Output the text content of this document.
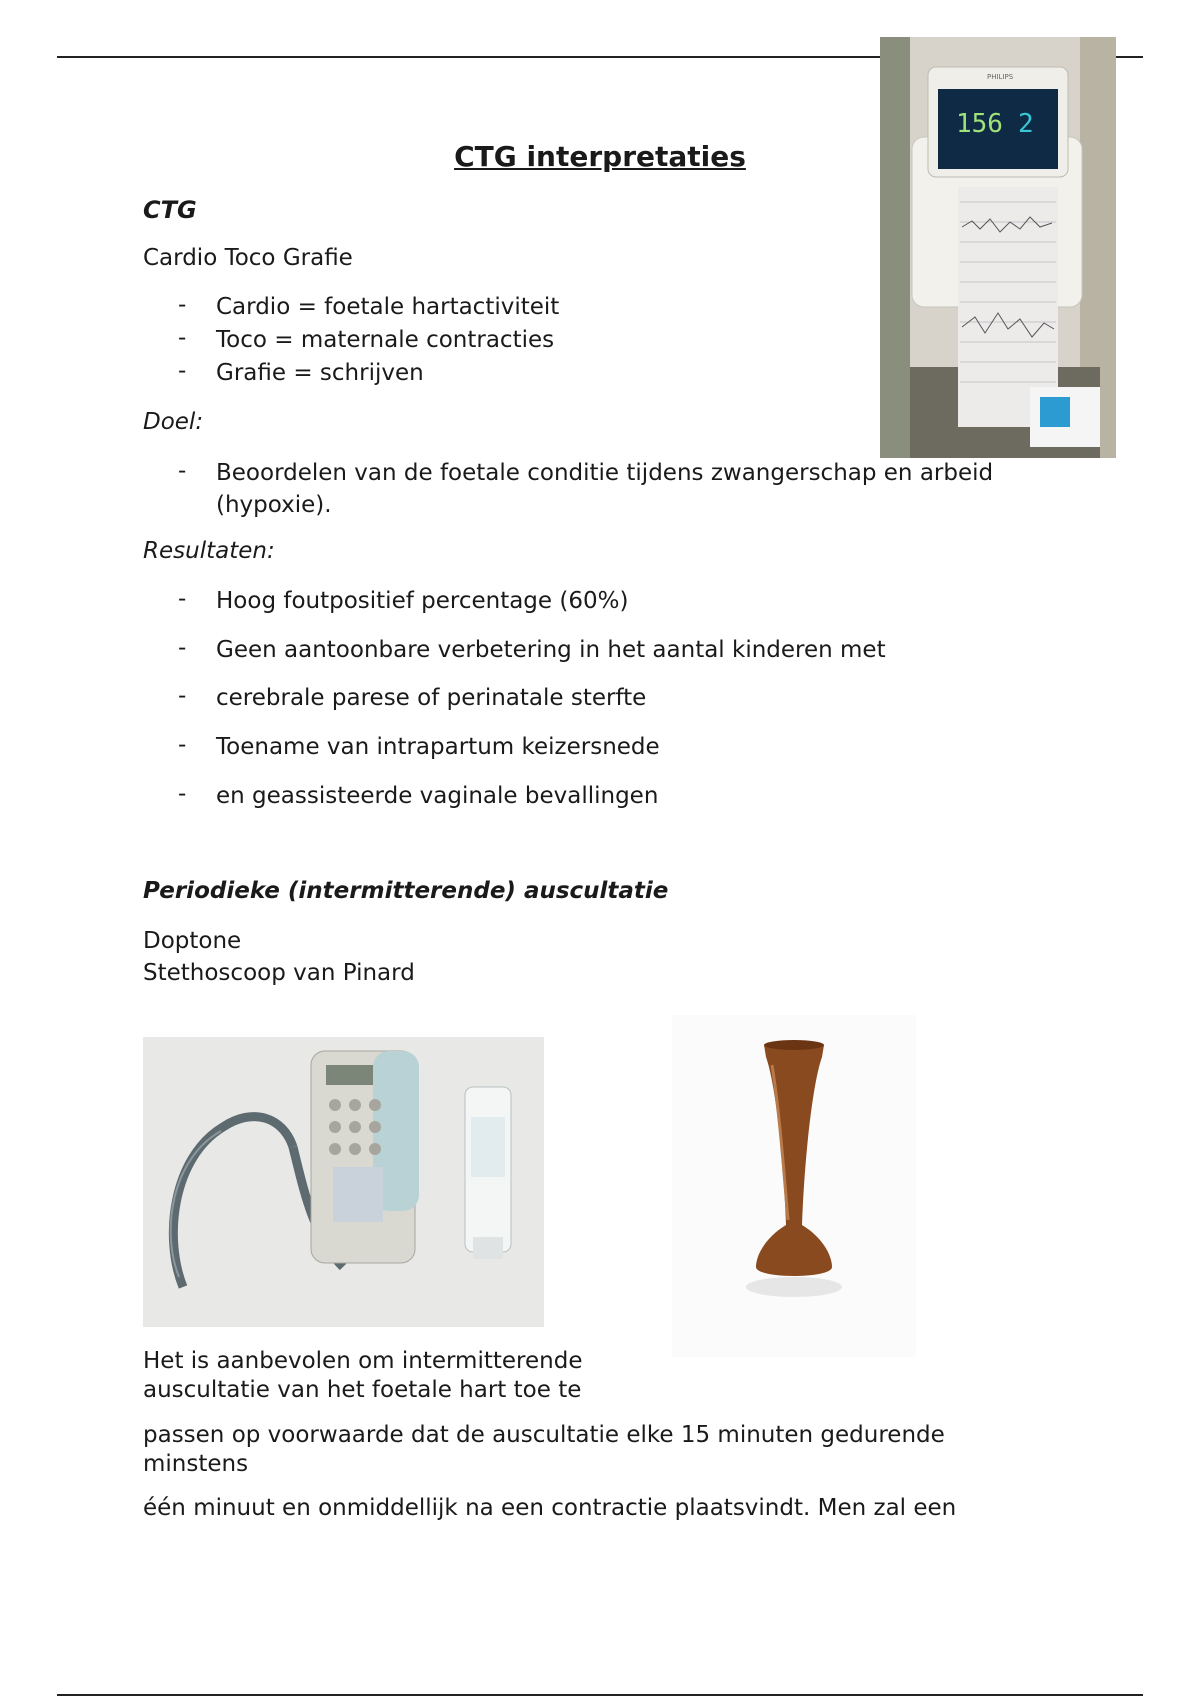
PHILIPS
156 2
CTG interpretaties
CTG
Cardio Toco Grafie
- Cardio = foetale hartactiviteit
- Toco = maternale contracties
- Grafie = schrijven
Doel:
- Beoordelen van de foetale conditie tijdens zwangerschap en arbeid
(hypoxie).
Resultaten:
- Hoog foutpositief percentage (60%)
- Geen aantoonbare verbetering in het aantal kinderen met
- cerebrale parese of perinatale sterfte
- Toename van intrapartum keizersnede
- en geassisteerde vaginale bevallingen
Periodieke (intermitterende) auscultatie
Doptone
Stethoscoop van Pinard
Het is aanbevolen om intermitterende
auscultatie van het foetale hart toe te
passen op voorwaarde dat de auscultatie elke 15 minuten gedurende
minstens
één minuut en onmiddellijk na een contractie plaatsvindt. Men zal een
